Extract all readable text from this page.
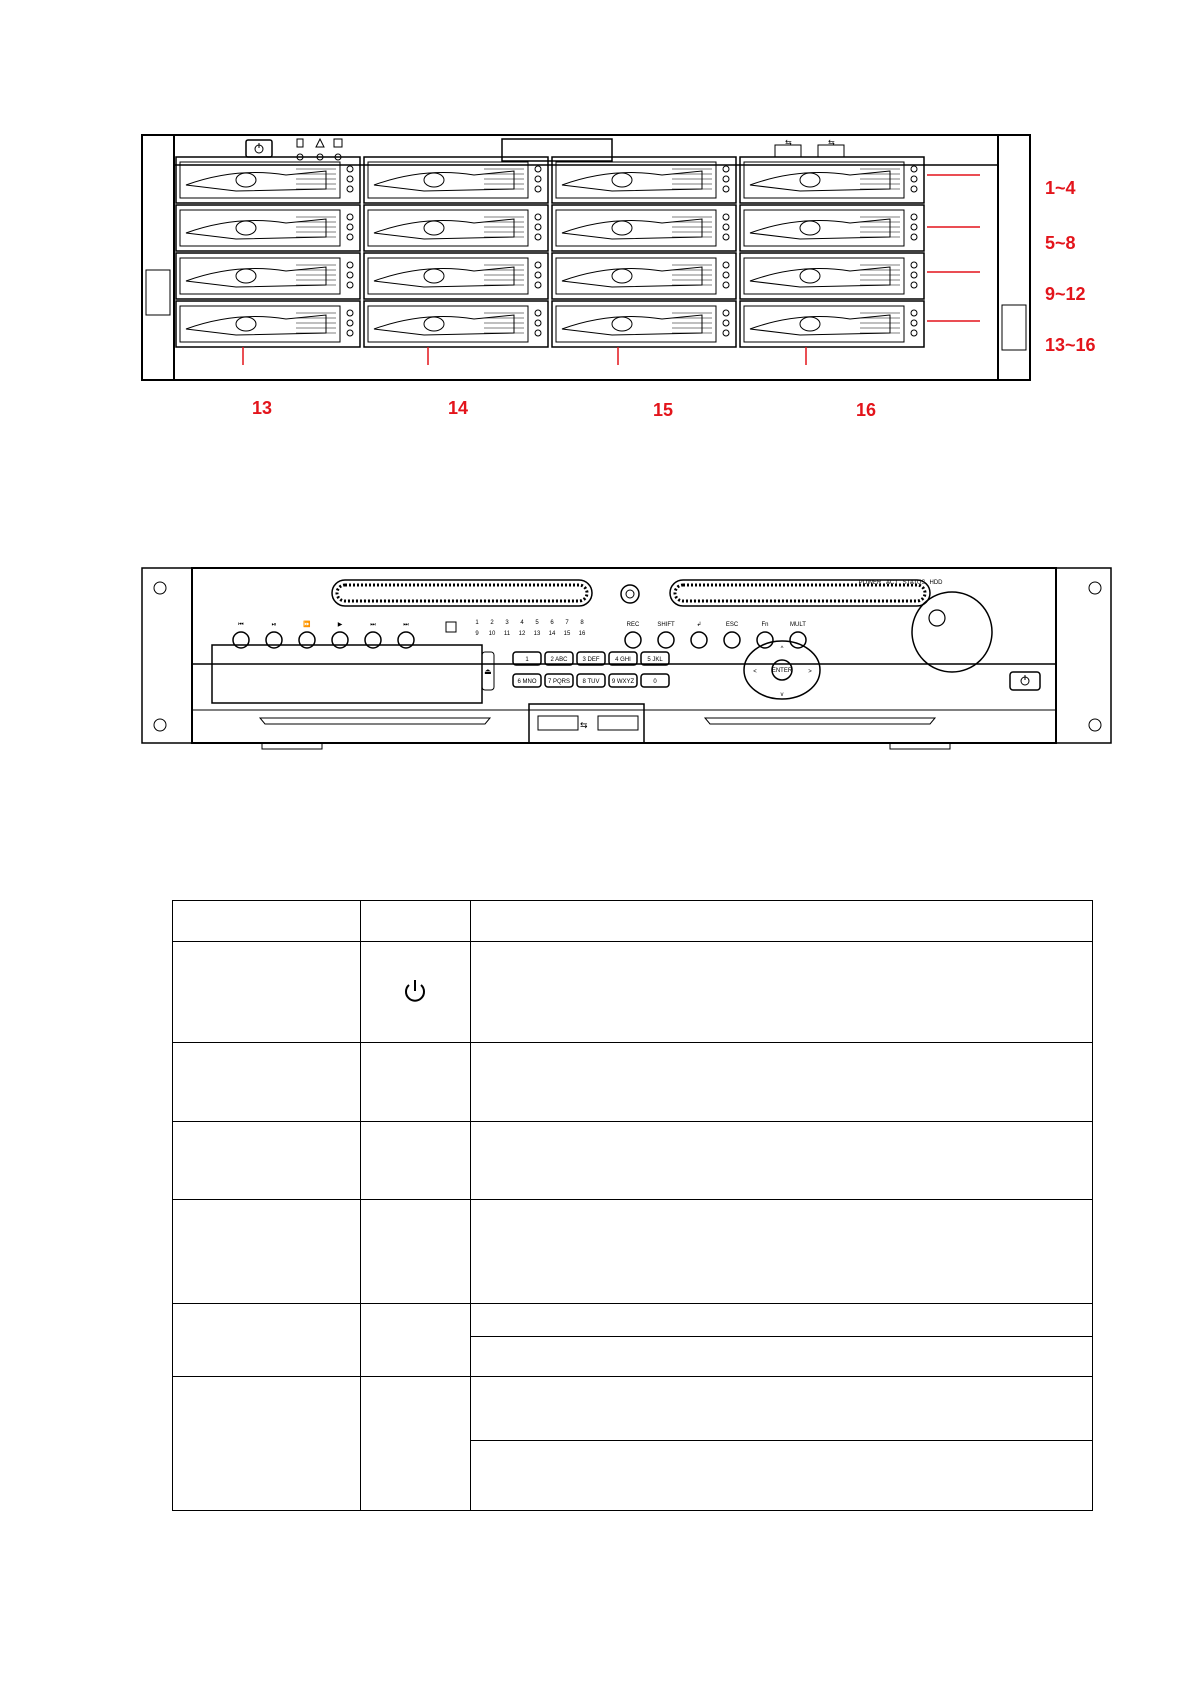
⇆	⇆
1~4
5~8
9~12
13~16
13	14	15	16
⏮	⏯	⏩	▶	⏭	⏭	1 2 3 4 5 6 7 8
9 10 11 12 13 14 15 16
1	2 ABC 3 DEF	4 GHI	5 JKL
6 MNO 7 PQRS 8 TUV 9 WXYZ	0
REC	SHIFT	↲	ESC	Fn	MULT
POWER ACT STATUS HDD
⏏
⇆
ENTER
^
v
<	>
